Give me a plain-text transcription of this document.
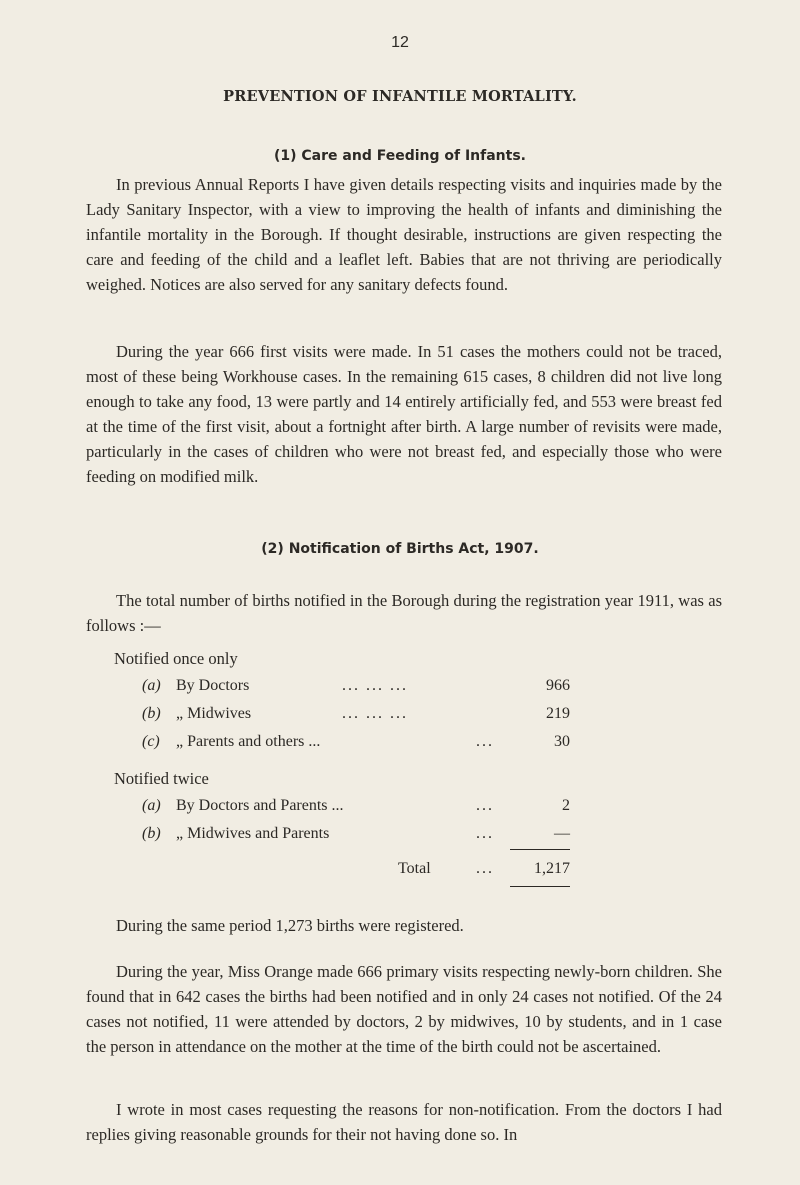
12
PREVENTION OF INFANTILE MORTALITY.
(1) Care and Feeding of Infants.
In previous Annual Reports I have given details respecting visits and inquiries made by the Lady Sanitary Inspector, with a view to improving the health of infants and diminishing the infantile mortality in the Borough. If thought desirable, instructions are given respecting the care and feeding of the child and a leaflet left. Babies that are not thriving are periodically weighed. Notices are also served for any sanitary defects found.
During the year 666 first visits were made. In 51 cases the mothers could not be traced, most of these being Workhouse cases. In the remaining 615 cases, 8 children did not live long enough to take any food, 13 were partly and 14 entirely artificially fed, and 553 were breast fed at the time of the first visit, about a fortnight after birth. A large number of revisits were made, particularly in the cases of children who were not breast fed, and especially those who were feeding on modified milk.
(2) Notification of Births Act, 1907.
The total number of births notified in the Borough during the registration year 1911, was as follows :—
Notified once only
(a) By Doctors	... ... ...	966
(b) „ Midwives	... ... ...	219
(c) „ Parents and others ...	...	30
Notified twice
(a) By Doctors and Parents ...	...	2
(b) „ Midwives and Parents	...	—
Total	...	1,217
During the same period 1,273 births were registered.
During the year, Miss Orange made 666 primary visits respecting newly-born children. She found that in 642 cases the births had been notified and in only 24 cases not notified. Of the 24 cases not notified, 11 were attended by doctors, 2 by midwives, 10 by students, and in 1 case the person in attendance on the mother at the time of the birth could not be ascertained.
I wrote in most cases requesting the reasons for non-notification. From the doctors I had replies giving reasonable grounds for their not having done so. In
